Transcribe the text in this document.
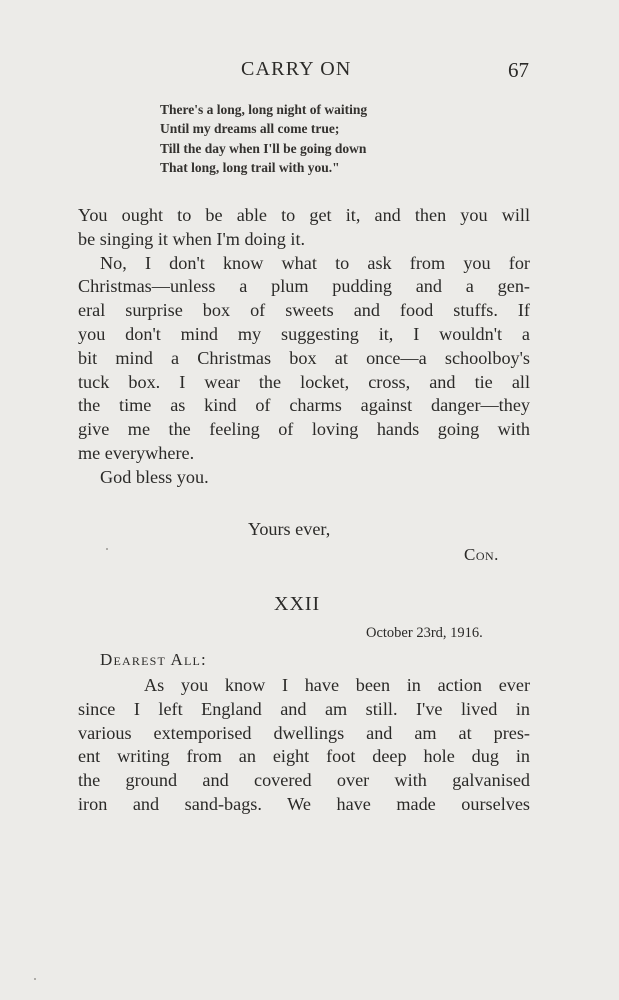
CARRY ON	67
There's a long, long night of waiting
Until my dreams all come true;
Till the day when I'll be going down
That long, long trail with you."
You ought to be able to get it, and then you will
be singing it when I'm doing it.
No, I don't know what to ask from you for
Christmas—unless a plum pudding and a gen-
eral surprise box of sweets and food stuffs. If
you don't mind my suggesting it, I wouldn't a
bit mind a Christmas box at once—a schoolboy's
tuck box. I wear the locket, cross, and tie all
the time as kind of charms against danger—they
give me the feeling of loving hands going with
me everywhere.
God bless you.
Yours ever,
Con.
XXII
October 23rd, 1916.
Dearest All:
As you know I have been in action ever
since I left England and am still. I've lived in
various extemporised dwellings and am at pres-
ent writing from an eight foot deep hole dug in
the ground and covered over with galvanised
iron and sand-bags. We have made ourselves
